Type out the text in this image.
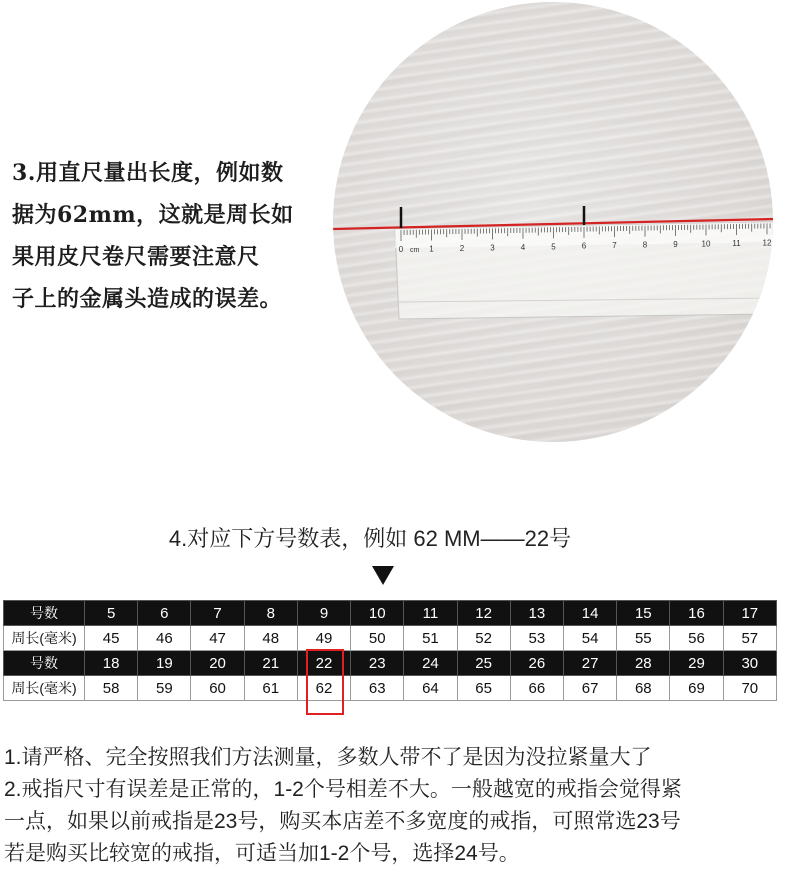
3.用直尺量出长度，例如数
据为62mm，这就是周长如
果用皮尺卷尺需要注意尺
子上的金属头造成的误差。
0	1	2	3	4	5	6	7	8	9	10	11	12
cm
4.对应下方号数表，例如 62 MM——22号
号数	5	6	7	8	9	10	11	12	13	14	15	16	17
周长(毫米)	45	46	47	48	49	50	51	52	53	54	55	56	57
号数	18	19	20	21	22	23	24	25	26	27	28	29	30
周长(毫米)	58	59	60	61	62	63	64	65	66	67	68	69	70
1.请严格、完全按照我们方法测量，多数人带不了是因为没拉紧量大了
2.戒指尺寸有误差是正常的，1-2个号相差不大。一般越宽的戒指会觉得紧
一点，如果以前戒指是23号，购买本店差不多宽度的戒指，可照常选23号
若是购买比较宽的戒指，可适当加1-2个号，选择24号。
